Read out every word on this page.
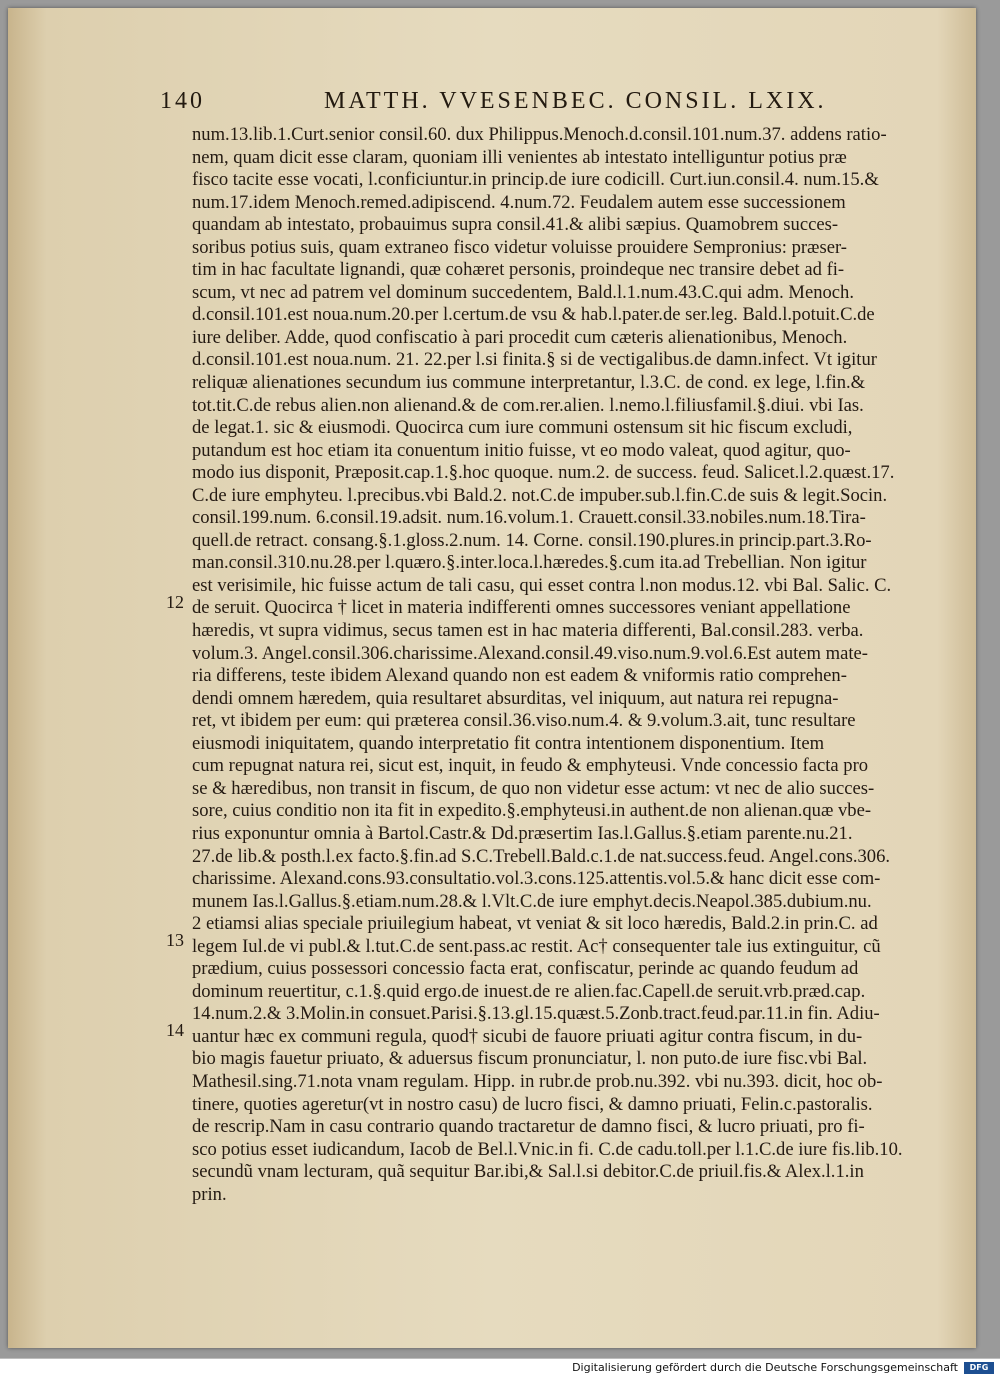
140	MATTH. VVESENBEC. CONSIL. LXIX.
num.13.lib.1.Curt.senior consil.60. dux Philippus.Menoch.d.consil.101.num.37. addens ratio-
nem, quam dicit esse claram, quoniam illi venientes ab intestato intelliguntur potius præ
fisco tacite esse vocati, l.conficiuntur.in princip.de iure codicill. Curt.iun.consil.4. num.15.&
num.17.idem Menoch.remed.adipiscend. 4.num.72. Feudalem autem esse successionem
quandam ab intestato, probauimus supra consil.41.& alibi sæpius. Quamobrem succes-
soribus potius suis, quam extraneo fisco videtur voluisse prouidere Sempronius: præser-
tim in hac facultate lignandi, quæ cohæret personis, proindeque nec transire debet ad fi-
scum, vt nec ad patrem vel dominum succedentem, Bald.l.1.num.43.C.qui adm. Menoch.
d.consil.101.est noua.num.20.per l.certum.de vsu & hab.l.pater.de ser.leg. Bald.l.potuit.C.de
iure deliber. Adde, quod confiscatio à pari procedit cum cæteris alienationibus, Menoch.
d.consil.101.est noua.num. 21. 22.per l.si finita.§ si de vectigalibus.de damn.infect. Vt igitur
reliquæ alienationes secundum ius commune interpretantur, l.3.C. de cond. ex lege, l.fin.&
tot.tit.C.de rebus alien.non alienand.& de com.rer.alien. l.nemo.l.filiusfamil.§.diui. vbi Ias.
de legat.1. sic & eiusmodi. Quocirca cum iure communi ostensum sit hic fiscum excludi,
putandum est hoc etiam ita conuentum initio fuisse, vt eo modo valeat, quod agitur, quo-
modo ius disponit, Præposit.cap.1.§.hoc quoque. num.2. de success. feud. Salicet.l.2.quæst.17.
C.de iure emphyteu. l.precibus.vbi Bald.2. not.C.de impuber.sub.l.fin.C.de suis & legit.Socin.
consil.199.num. 6.consil.19.adsit. num.16.volum.1. Crauett.consil.33.nobiles.num.18.Tira-
quell.de retract. consang.§.1.gloss.2.num. 14. Corne. consil.190.plures.in princip.part.3.Ro-
man.consil.310.nu.28.per l.quæro.§.inter.loca.l.hæredes.§.cum ita.ad Trebellian. Non igitur
est verisimile, hic fuisse actum de tali casu, qui esset contra l.non modus.12. vbi Bal. Salic. C.
de seruit. Quocirca † licet in materia indifferenti omnes successores veniant appellatione
hæredis, vt supra vidimus, secus tamen est in hac materia differenti, Bal.consil.283. verba.
volum.3. Angel.consil.306.charissime.Alexand.consil.49.viso.num.9.vol.6.Est autem mate-
ria differens, teste ibidem Alexand quando non est eadem & vniformis ratio comprehen-
dendi omnem hæredem, quia resultaret absurditas, vel iniquum, aut natura rei repugna-
ret, vt ibidem per eum: qui præterea consil.36.viso.num.4. & 9.volum.3.ait, tunc resultare
eiusmodi iniquitatem, quando interpretatio fit contra intentionem disponentium. Item
cum repugnat natura rei, sicut est, inquit, in feudo & emphyteusi. Vnde concessio facta pro
se & hæredibus, non transit in fiscum, de quo non videtur esse actum: vt nec de alio succes-
sore, cuius conditio non ita fit in expedito.§.emphyteusi.in authent.de non alienan.quæ vbe-
rius exponuntur omnia à Bartol.Castr.& Dd.præsertim Ias.l.Gallus.§.etiam parente.nu.21.
27.de lib.& posth.l.ex facto.§.fin.ad S.C.Trebell.Bald.c.1.de nat.success.feud. Angel.cons.306.
charissime. Alexand.cons.93.consultatio.vol.3.cons.125.attentis.vol.5.& hanc dicit esse com-
munem Ias.l.Gallus.§.etiam.num.28.& l.Vlt.C.de iure emphyt.decis.Neapol.385.dubium.nu.
2 etiamsi alias speciale priuilegium habeat, vt veniat & sit loco hæredis, Bald.2.in prin.C. ad
legem Iul.de vi publ.& l.tut.C.de sent.pass.ac restit. Ac† consequenter tale ius extinguitur, cũ
prædium, cuius possessori concessio facta erat, confiscatur, perinde ac quando feudum ad
dominum reuertitur, c.1.§.quid ergo.de inuest.de re alien.fac.Capell.de seruit.vrb.præd.cap.
14.num.2.& 3.Molin.in consuet.Parisi.§.13.gl.15.quæst.5.Zonb.tract.feud.par.11.in fin. Adiu-
uantur hæc ex communi regula, quod† sicubi de fauore priuati agitur contra fiscum, in du-
bio magis fauetur priuato, & aduersus fiscum pronunciatur, l. non puto.de iure fisc.vbi Bal.
Mathesil.sing.71.nota vnam regulam. Hipp. in rubr.de prob.nu.392. vbi nu.393. dicit, hoc ob-
tinere, quoties ageretur(vt in nostro casu) de lucro fisci, & damno priuati, Felin.c.pastoralis.
de rescrip.Nam in casu contrario quando tractaretur de damno fisci, & lucro priuati, pro fi-
sco potius esset iudicandum, Iacob de Bel.l.Vnic.in fi. C.de cadu.toll.per l.1.C.de iure fis.lib.10.
secundũ vnam lecturam, quã sequitur Bar.ibi,& Sal.l.si debitor.C.de priuil.fis.& Alex.l.1.in
prin.
12
13
14
Digitalisierung gefördert durch die Deutsche Forschungsgemeinschaft	DFG
